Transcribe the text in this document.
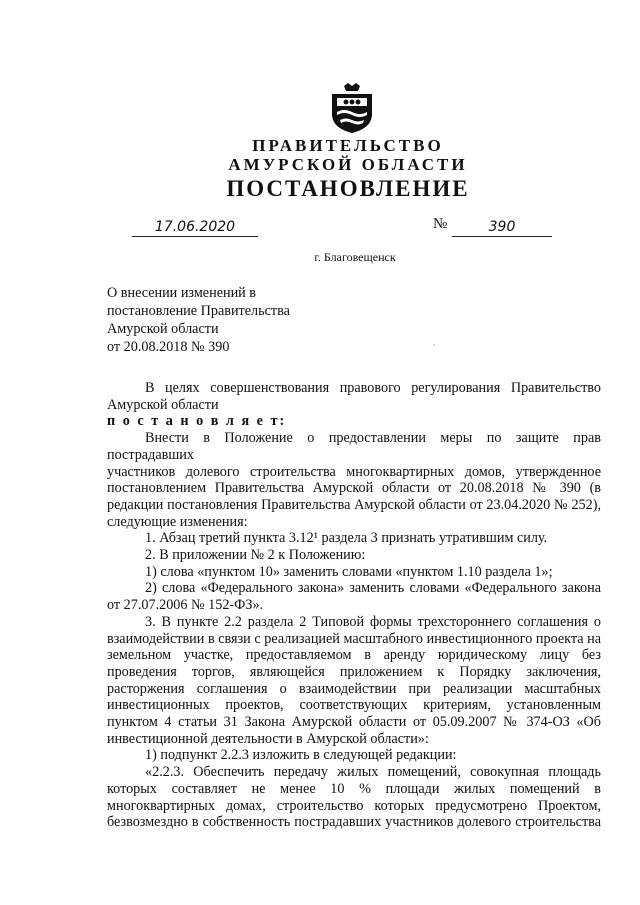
ПРАВИТЕЛЬСТВО
АМУРСКОЙ ОБЛАСТИ
ПОСТАНОВЛЕНИЕ
17.06.2020	№	390
г. Благовещенск
О внесении изменений в
постановление Правительства
Амурской области
от 20.08.2018 № 390	ˊ

В целях совершенствования правового регулирования Правительство

Амурской области

п о с т а н о в л я е т:

Внести в Положение о предоставлении меры по защите прав пострадавших

участников долевого строительства многоквартирных домов, утвержденное

постановлением Правительства Амурской области от 20.08.2018 № 390 (в

редакции постановления Правительства Амурской области от 23.04.2020 № 252),

следующие изменения:

1. Абзац третий пункта 3.12¹ раздела 3 признать утратившим силу.

2. В приложении № 2 к Положению:

1) слова «пунктом 10» заменить словами «пунктом 1.10 раздела 1»;

2) слова «Федерального закона» заменить словами «Федерального закона

от 27.07.2006 № 152-ФЗ».

3. В пункте 2.2 раздела 2 Типовой формы трехстороннего соглашения о

взаимодействии в связи с реализацией масштабного инвестиционного проекта на

земельном участке, предоставляемом в аренду юридическому лицу без

проведения торгов, являющейся приложением к Порядку заключения,

расторжения соглашения о взаимодействии при реализации масштабных

инвестиционных проектов, соответствующих критериям, установленным

пунктом 4 статьи 31 Закона Амурской области от 05.09.2007 № 374-ОЗ «Об

инвестиционной деятельности в Амурской области»:

1) подпункт 2.2.3 изложить в следующей редакции:

«2.2.3. Обеспечить передачу жилых помещений, совокупная площадь

которых составляет не менее 10 % площади жилых помещений в

многоквартирных домах, строительство которых предусмотрено Проектом,

безвозмездно в собственность пострадавших участников долевого строительства
